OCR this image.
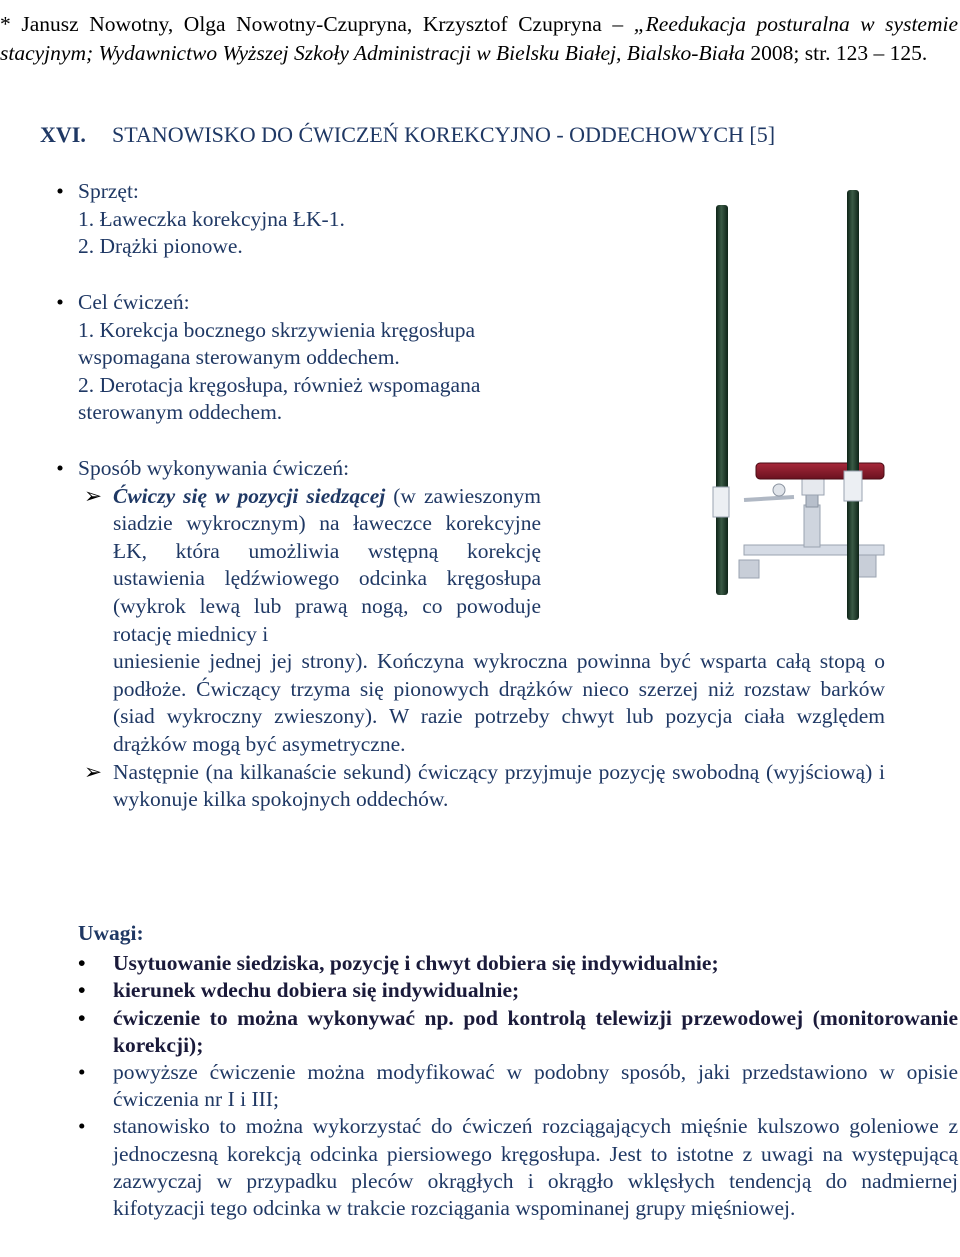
* Janusz Nowotny, Olga Nowotny-Czupryna, Krzysztof Czupryna – „Reedukacja posturalna w systemie stacyjnym; Wydawnictwo Wyższej Szkoły Administracji w Bielsku Białej, Bialsko-Biała 2008; str. 123 – 125.
XVI. STANOWISKO DO ĆWICZEŃ KOREKCYJNO - ODDECHOWYCH [5]
• Sprzęt:
1. Ławeczka korekcyjna ŁK-1.
2. Drążki pionowe.
• Cel ćwiczeń:
1. Korekcja bocznego skrzywienia kręgosłupa wspomagana sterowanym oddechem.
2. Derotacja kręgosłupa, również wspomagana sterowanym oddechem.
• Sposób wykonywania ćwiczeń:
➢ Ćwiczy się w pozycji siedzącej (w zawieszonym siadzie wykrocznym) na ławeczce korekcyjne ŁK, która umożliwia wstępną korekcję ustawienia lędźwiowego odcinka kręgosłupa (wykrok lewą lub prawą nogą, co powoduje rotację miednicy i
uniesienie jednej jej strony). Kończyna wykroczna powinna być wsparta całą stopą o podłoże. Ćwiczący trzyma się pionowych drążków nieco szerzej niż rozstaw barków (siad wykroczny zwieszony). W razie potrzeby chwyt lub pozycja ciała względem drążków mogą być asymetryczne.
➢ Następnie (na kilkanaście sekund) ćwiczący przyjmuje pozycję swobodną (wyjściową) i wykonuje kilka spokojnych oddechów.
Uwagi:
•	Usytuowanie siedziska, pozycję i chwyt dobiera się indywidualnie;
•	kierunek wdechu dobiera się indywidualnie;
•	ćwiczenie to można wykonywać np. pod kontrolą telewizji przewodowej (monitorowanie korekcji);
•	powyższe ćwiczenie można modyfikować w podobny sposób, jaki przedstawiono w opisie ćwiczenia nr I i III;
•	stanowisko to można wykorzystać do ćwiczeń rozciągających mięśnie kulszowo goleniowe z jednoczesną korekcją odcinka piersiowego kręgosłupa. Jest to istotne z uwagi na występującą zazwyczaj w przypadku pleców okrągłych i okrągło wklęsłych tendencją do nadmiernej kifotyzacji tego odcinka w trakcie rozciągania wspominanej grupy mięśniowej.
